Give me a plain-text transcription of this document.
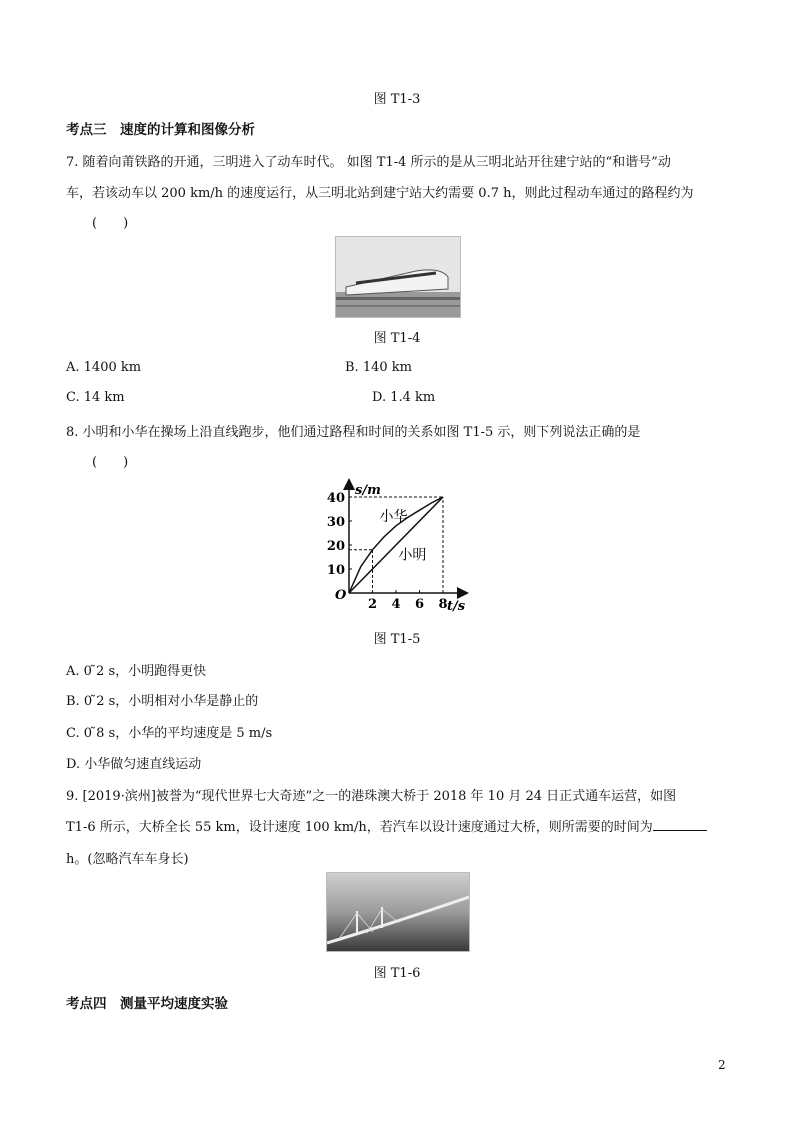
图 T1-3
考点三　速度的计算和图像分析
7. 随着向莆铁路的开通，三明进入了动车时代。 如图 T1-4 所示的是从三明北站开往建宁站的“和谐号”动
车，若该动车以 200 km/h 的速度运行，从三明北站到建宁站大约需要 0.7 h，则此过程动车通过的路程约为
(　　)
图 T1-4
A. 1400 km	B. 140 km
C. 14 km	D. 1.4 km
8. 小明和小华在操场上沿直线跑步，他们通过路程和时间的关系如图 T1-5 示，则下列说法正确的是
(　　)
s/m
t/s
O
2 4 6 8
10
20
30
40
小华
小明
图 T1-5
A. 0 ̃2 s，小明跑得更快
B. 0 ̃2 s，小明相对小华是静止的
C. 0 ̃8 s，小华的平均速度是 5 m/s
D. 小华做匀速直线运动
9. [2019·滨州]被誉为“现代世界七大奇迹”之一的港珠澳大桥于 2018 年 10 月 24 日正式通车运营，如图
T1-6 所示，大桥全长 55 km，设计速度 100 km/h，若汽车以设计速度通过大桥，则所需要的时间为
h。(忽略汽车车身长)
图 T1-6
考点四　测量平均速度实验
2
